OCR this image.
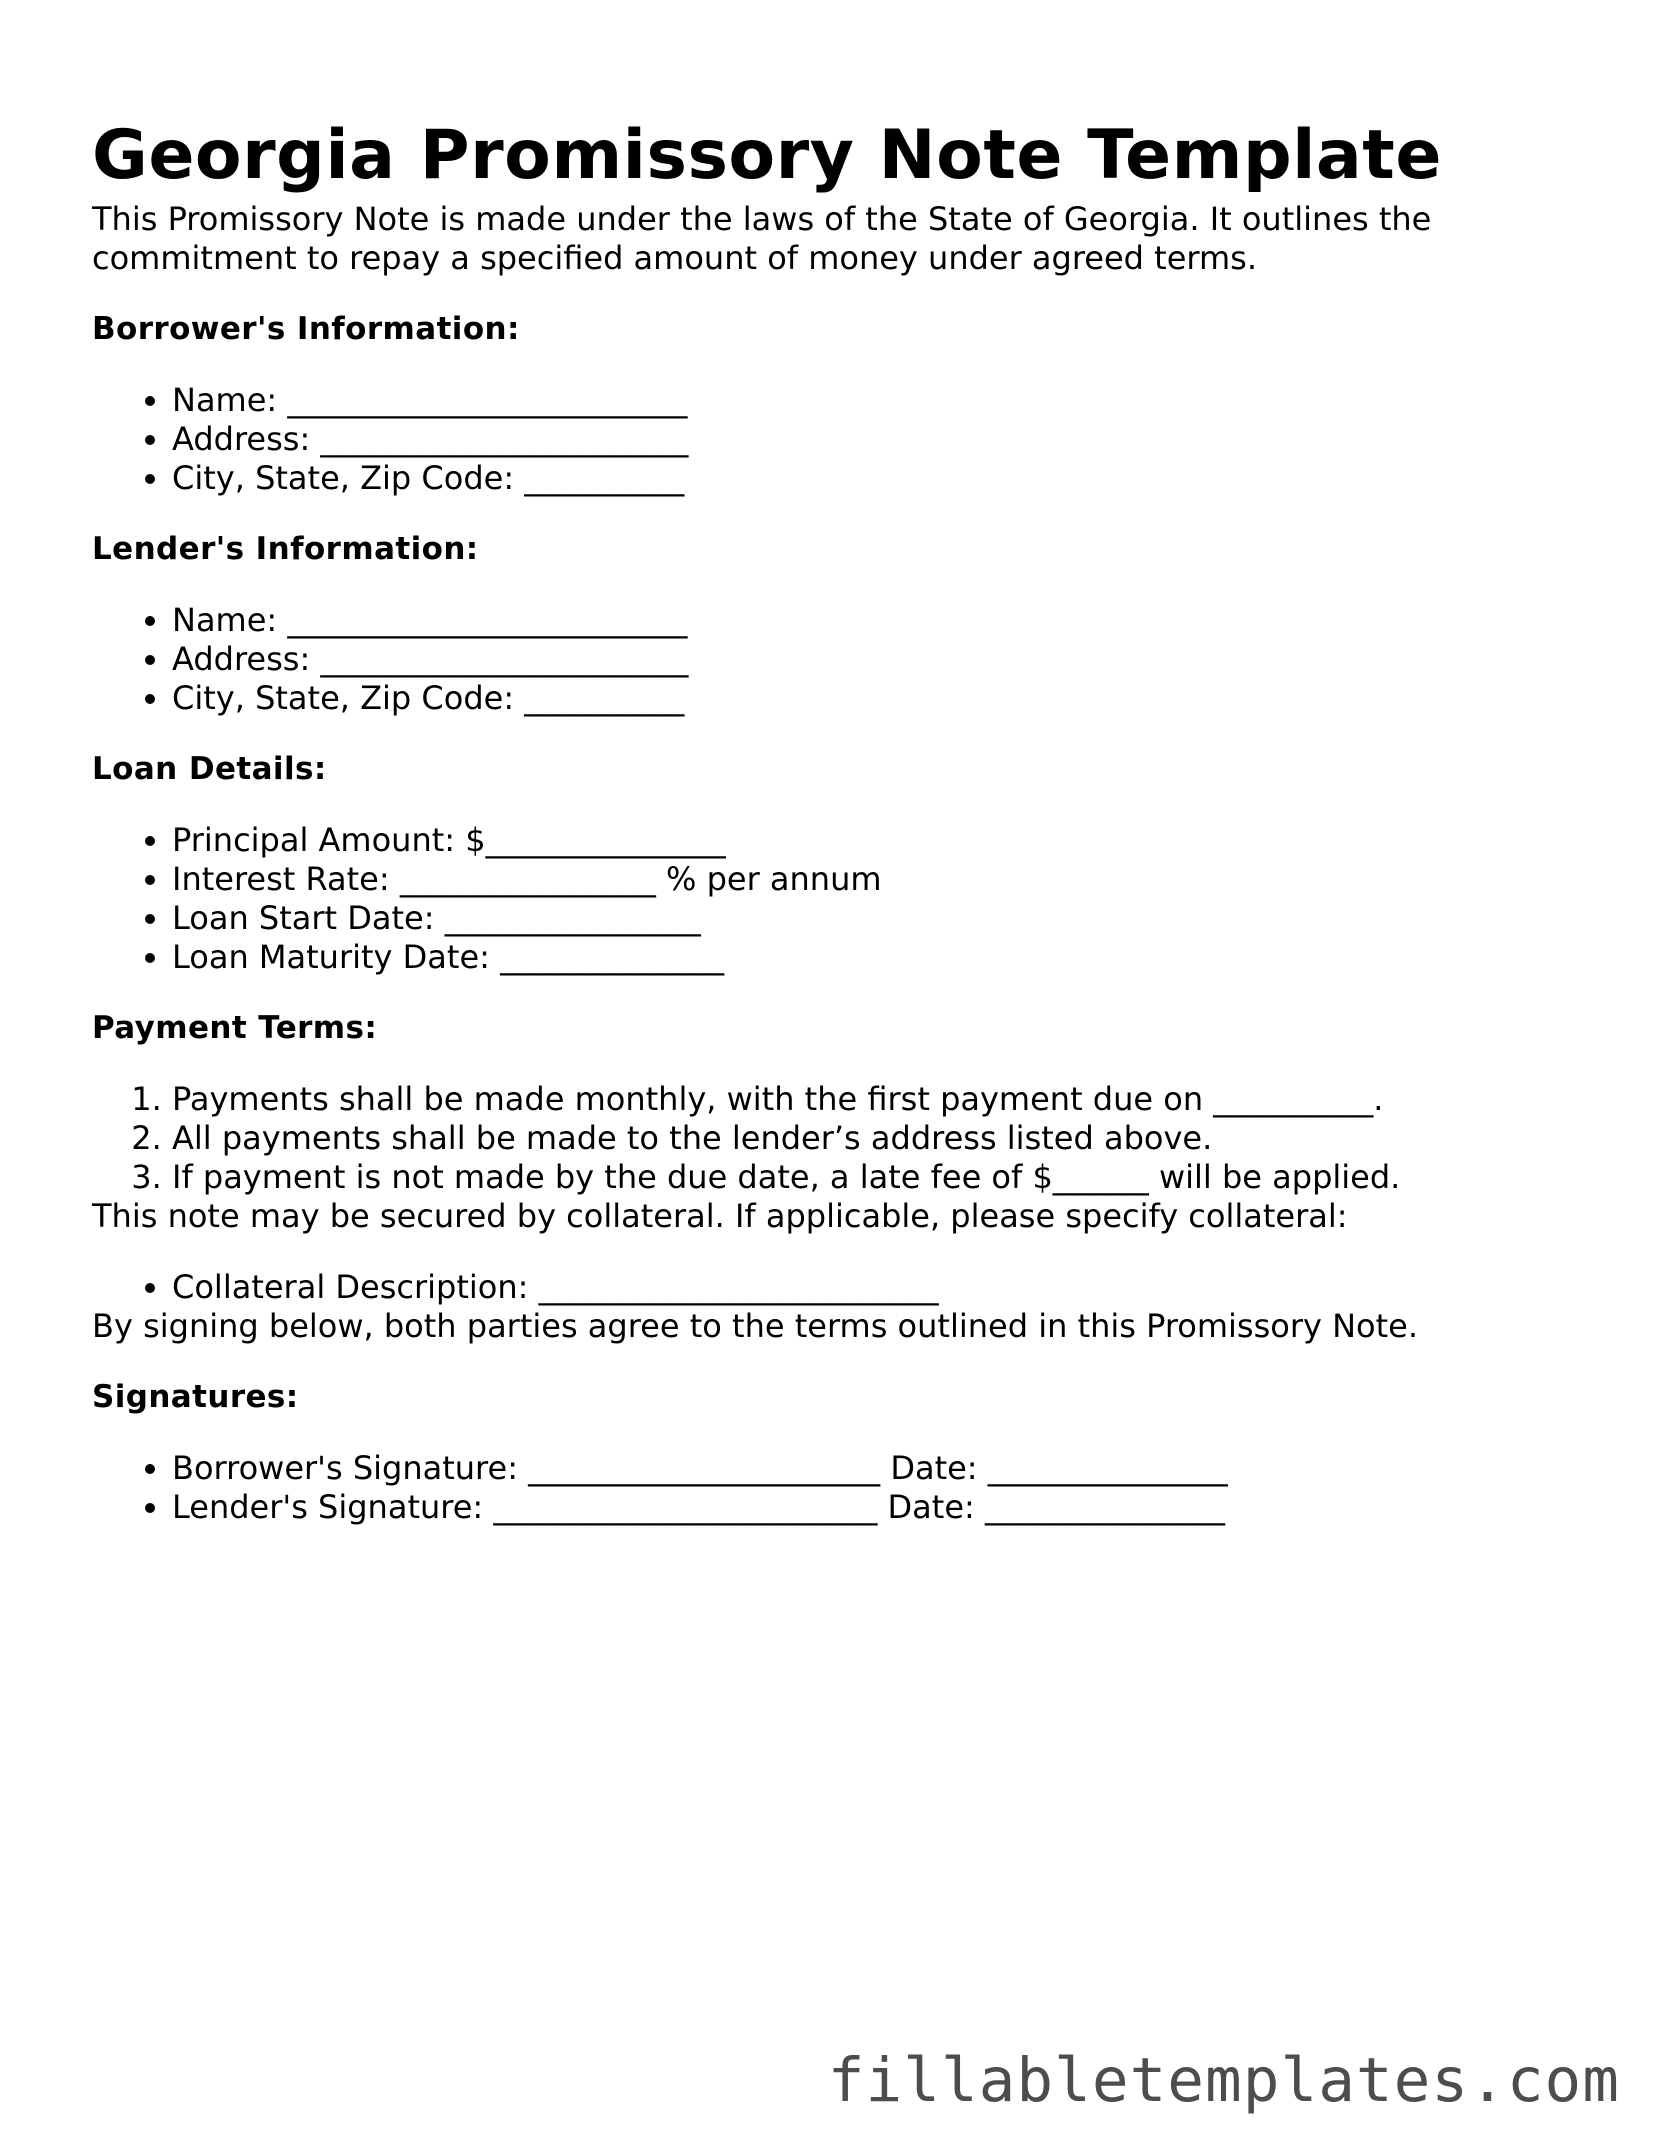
Georgia Promissory Note Template

This Promissory Note is made under the laws of the State of Georgia. It outlines the commitment to repay a specified amount of money under agreed terms.

Borrower's Information:
• Name: _________________________
• Address: _______________________
• City, State, Zip Code: __________
Lender's Information:
• Name: _________________________
• Address: _______________________
• City, State, Zip Code: __________
Loan Details:
• Principal Amount: $_______________
• Interest Rate: ________________ % per annum
• Loan Start Date: ________________
• Loan Maturity Date: ______________
Payment Terms:
1. Payments shall be made monthly, with the first payment due on __________.
2. All payments shall be made to the lender’s address listed above.
3. If payment is not made by the due date, a late fee of $______ will be applied.

This note may be secured by collateral. If applicable, please specify collateral:

• Collateral Description: _________________________

By signing below, both parties agree to the terms outlined in this Promissory Note.

Signatures:
• Borrower's Signature: ______________________ Date: _______________
• Lender's Signature: ________________________ Date: _______________
fillabletemplates.com
